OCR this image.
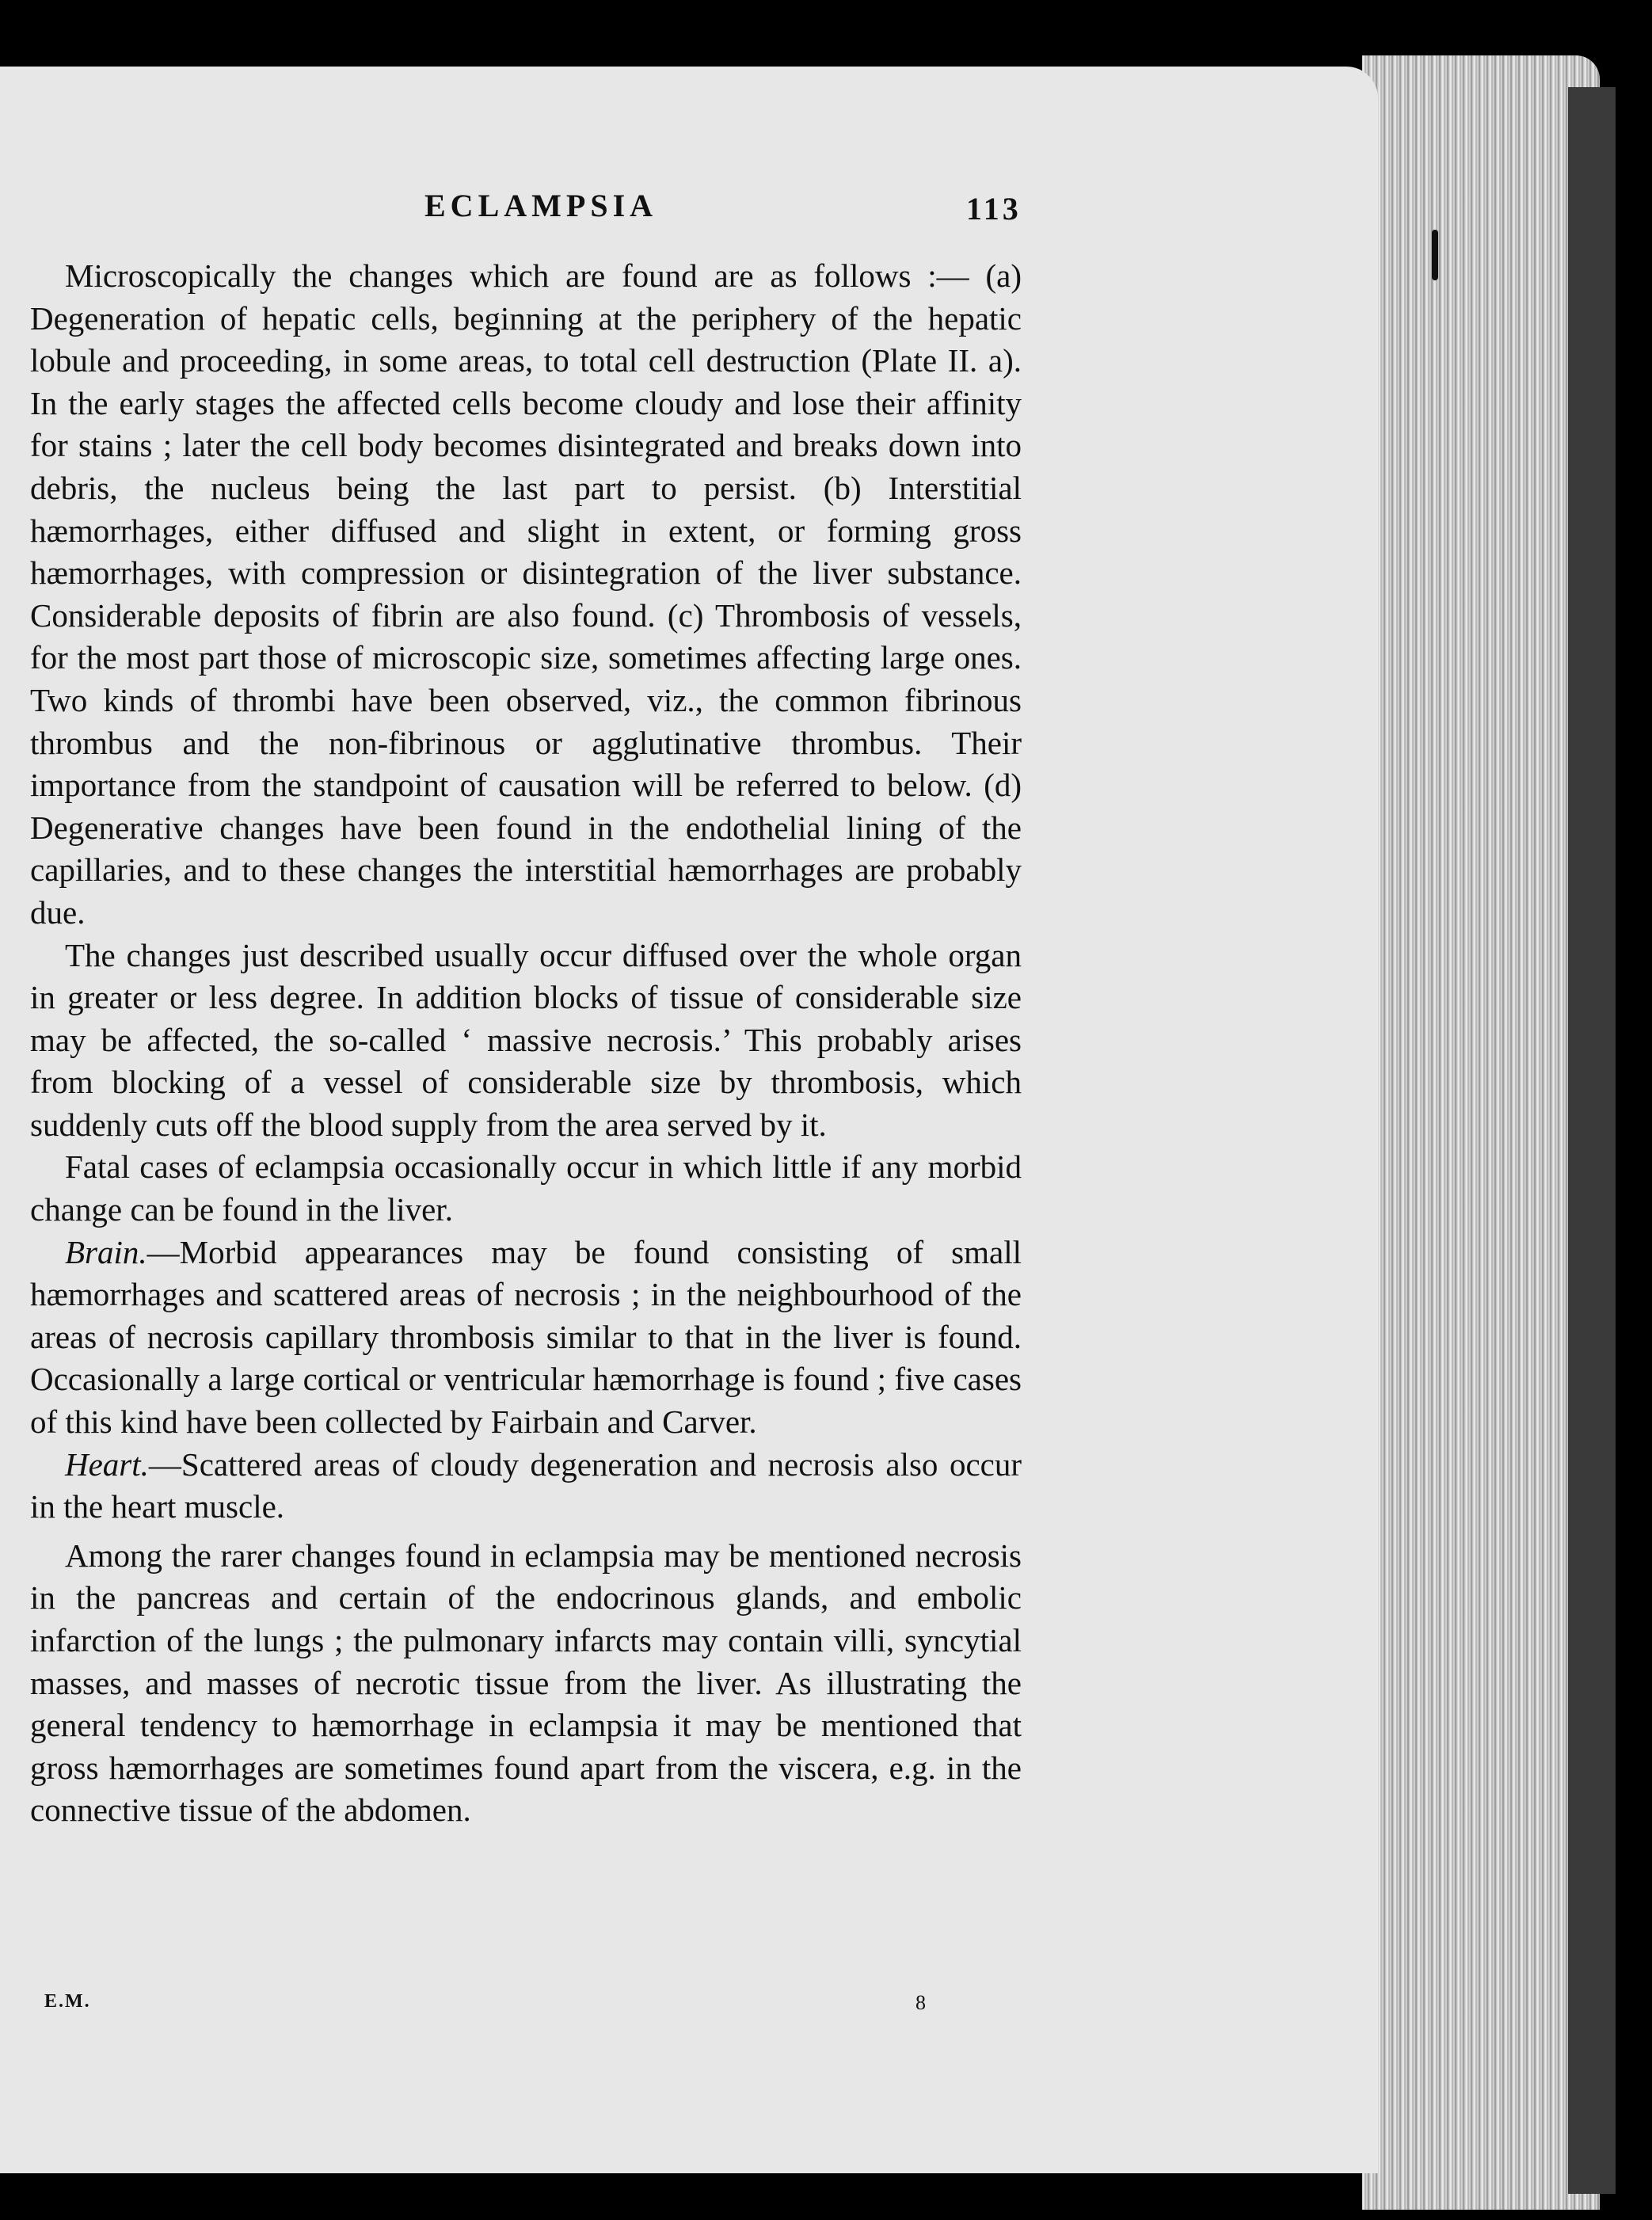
ECLAMPSIA	113

Microscopically the changes which are found are as follows :— (a) Degeneration of hepatic cells, beginning at the periphery of the hepatic lobule and proceeding, in some areas, to total cell destruction (Plate II. a). In the early stages the affected cells become cloudy and lose their affinity for stains ; later the cell body becomes disintegrated and breaks down into debris, the nucleus being the last part to persist. (b) Interstitial hæmorrhages, either diffused and slight in extent, or forming gross hæmorrhages, with compression or disintegration of the liver substance. Considerable deposits of fibrin are also found. (c) Thrombosis of vessels, for the most part those of microscopic size, sometimes affecting large ones. Two kinds of thrombi have been observed, viz., the common fibrinous thrombus and the non-fibrinous or agglutinative thrombus. Their importance from the standpoint of causation will be referred to below. (d) Degenerative changes have been found in the endothelial lining of the capillaries, and to these changes the interstitial hæmorrhages are probably due.

The changes just described usually occur diffused over the whole organ in greater or less degree. In addition blocks of tissue of considerable size may be affected, the so-called ‘ massive necrosis.’ This probably arises from blocking of a vessel of considerable size by thrombosis, which suddenly cuts off the blood supply from the area served by it.

Fatal cases of eclampsia occasionally occur in which little if any morbid change can be found in the liver.

Brain.—Morbid appearances may be found consisting of small hæmorrhages and scattered areas of necrosis ; in the neighbourhood of the areas of necrosis capillary thrombosis similar to that in the liver is found. Occasionally a large cortical or ventricular hæmorrhage is found ; five cases of this kind have been collected by Fairbain and Carver.

Heart.—Scattered areas of cloudy degeneration and necrosis also occur in the heart muscle.

Among the rarer changes found in eclampsia may be mentioned necrosis in the pancreas and certain of the endocrinous glands, and embolic infarction of the lungs ; the pulmonary infarcts may contain villi, syncytial masses, and masses of necrotic tissue from the liver. As illustrating the general tendency to hæmorrhage in eclampsia it may be mentioned that gross hæmorrhages are sometimes found apart from the viscera, e.g. in the connective tissue of the abdomen.

E.M.	8
